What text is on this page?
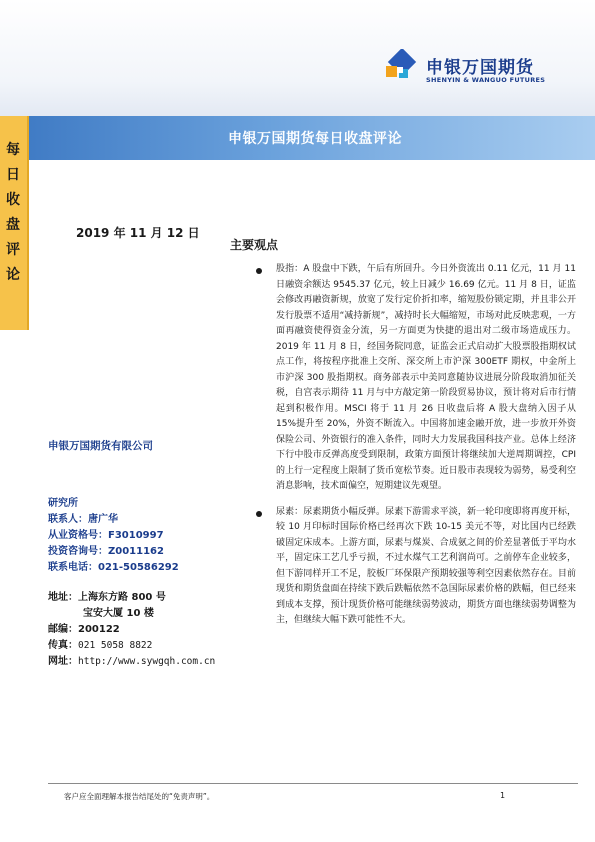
申银万国期货
SHENYIN & WANGUO FUTURES
申银万国期货每日收盘评论
每
日
收
盘
评
论
2019 年 11 月 12 日
主要观点
申银万国期货有限公司
研究所
联系人：唐广华
从业资格号：F3010997
投资咨询号：Z0011162
联系电话：021-50586292
地址：上海东方路 800 号
宝安大厦 10 楼
邮编：200122
传真：021 5058 8822
网址：http://www.sywgqh.com.cn
股指：A 股盘中下跌，午后有所回升。今日外资流出 0.11 亿元，11 月 11 日融资余额达 9545.37 亿元，较上日减少 16.69 亿元。11 月 8 日，证监会修改再融资新规，放宽了发行定价折扣率，缩短股份锁定期，并且非公开发行股票不适用“减持新规”，减持时长大幅缩短，市场对此反映悲观，一方面再融资使得资金分流，另一方面更为快捷的退出对二级市场造成压力。2019 年 11 月 8 日，经国务院同意，证监会正式启动扩大股票股指期权试点工作，将按程序批准上交所、深交所上市沪深 300ETF 期权，中金所上市沪深 300 股指期权。商务部表示中美同意随协议进展分阶段取消加征关税，自宫表示期待 11 月与中方敲定第一阶段贸易协议，预计将对后市行情起到积极作用。MSCI 将于 11 月 26 日收盘后将 A 股大盘纳入因子从 15%提升至 20%，外资不断流入。中国将加速金融开放，进一步放开外资保险公司、外资银行的准入条件，同时大力发展我国科技产业。总体上经济下行中股市反弹高度受到限制，政策方面预计将继续加大逆周期调控，CPI 的上行一定程度上限制了货币宽松节奏。近日股市表现较为弱势，易受利空消息影响，技术面偏空，短期建议先观望。
尿素：尿素期货小幅反弹。尿素下游需求平淡，新一轮印度即将再度开标，较 10 月印标时国际价格已经再次下跌 10-15 美元不等，对比国内已经跌破固定床成本。上游方面，尿素与煤炭、合成氨之间的价差显著低于平均水平，固定床工艺几乎亏损，不过水煤气工艺利润尚可。之前停车企业较多，但下游同样开工不足，胶板厂环保限产预期较强等利空因素依然存在。目前现货和期货盘面在持续下跌后跌幅依然不急国际尿素价格的跌幅，但已经来到成本支撑，预计现货价格可能继续弱势波动，期货方面也继续弱势调整为主，但继续大幅下跌可能性不大。
客户应全面理解本报告结尾处的“免责声明”。	1
